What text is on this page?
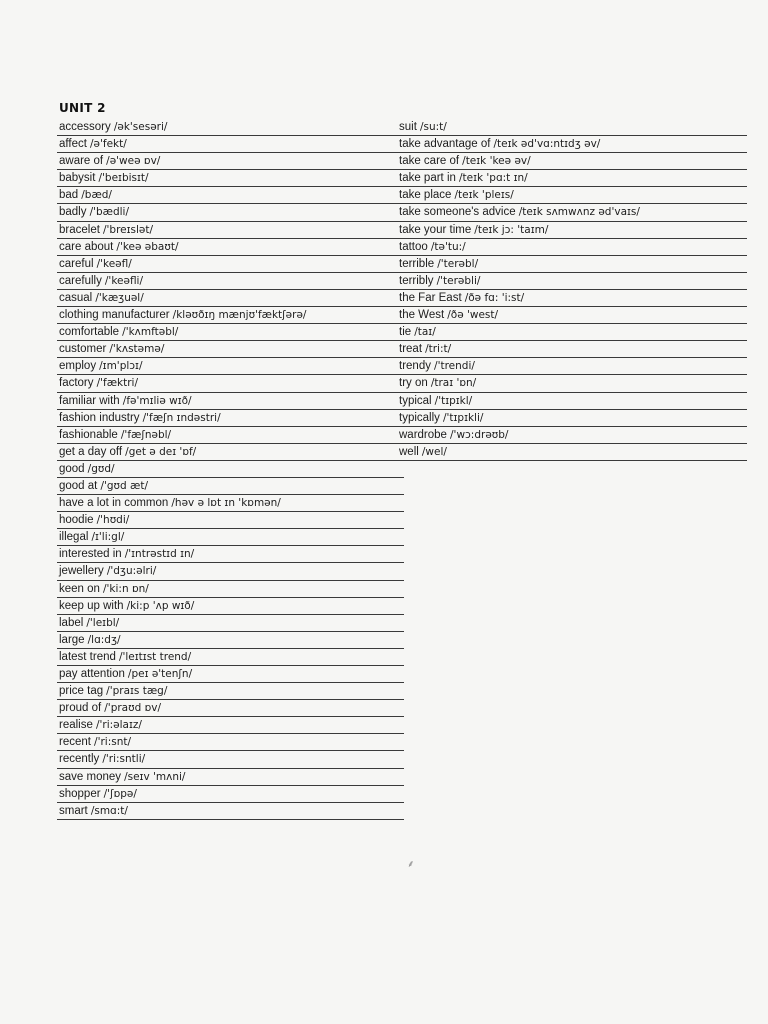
UNIT 2
accessory /ək'sesəri/
affect /ə'fekt/
aware of /ə'weə ɒv/
babysit /'beɪbisɪt/
bad /bæd/
badly /'bædli/
bracelet /'breɪslət/
care about /'keə əbaʊt/
careful /'keəfl/
carefully /'keəfli/
casual /'kæʒuəl/
clothing manufacturer /kləʊðɪŋ mænjʊ'fæktʃərə/
comfortable /'kʌmftəbl/
customer /'kʌstəmə/
employ /ɪm'plɔɪ/
factory /'fæktri/
familiar with /fə'mɪliə wɪð/
fashion industry /'fæʃn ɪndəstri/
fashionable /'fæʃnəbl/
get a day off /get ə deɪ 'ɒf/
good /gʊd/
good at /'gʊd æt/
have a lot in common /həv ə lɒt ɪn 'kɒmən/
hoodie /'hʊdi/
illegal /ɪ'li:gl/
interested in /'ɪntrəstɪd ɪn/
jewellery /'dʒu:əlri/
keen on /'ki:n ɒn/
keep up with /ki:p 'ʌp wɪð/
label /'leɪbl/
large /lɑ:dʒ/
latest trend /'leɪtɪst trend/
pay attention /peɪ ə'tenʃn/
price tag /'praɪs tæg/
proud of /'praʊd ɒv/
realise /'ri:əlaɪz/
recent /'ri:snt/
recently /'ri:sntli/
save money /seɪv 'mʌni/
shopper /'ʃɒpə/
smart /smɑ:t/
suit /su:t/
take advantage of /teɪk əd'vɑ:ntɪdʒ əv/
take care of /teɪk 'keə əv/
take part in /teɪk 'pɑ:t ɪn/
take place /teɪk 'pleɪs/
take someone's advice /teɪk sʌmwʌnz əd'vaɪs/
take your time /teɪk jɔ: 'taɪm/
tattoo /tə'tu:/
terrible /'terəbl/
terribly /'terəbli/
the Far East /ðə fɑ: 'i:st/
the West /ðə 'west/
tie /taɪ/
treat /tri:t/
trendy /'trendi/
try on /traɪ 'ɒn/
typical /'tɪpɪkl/
typically /'tɪpɪkli/
wardrobe /'wɔ:drəʊb/
well /wel/
⸙
